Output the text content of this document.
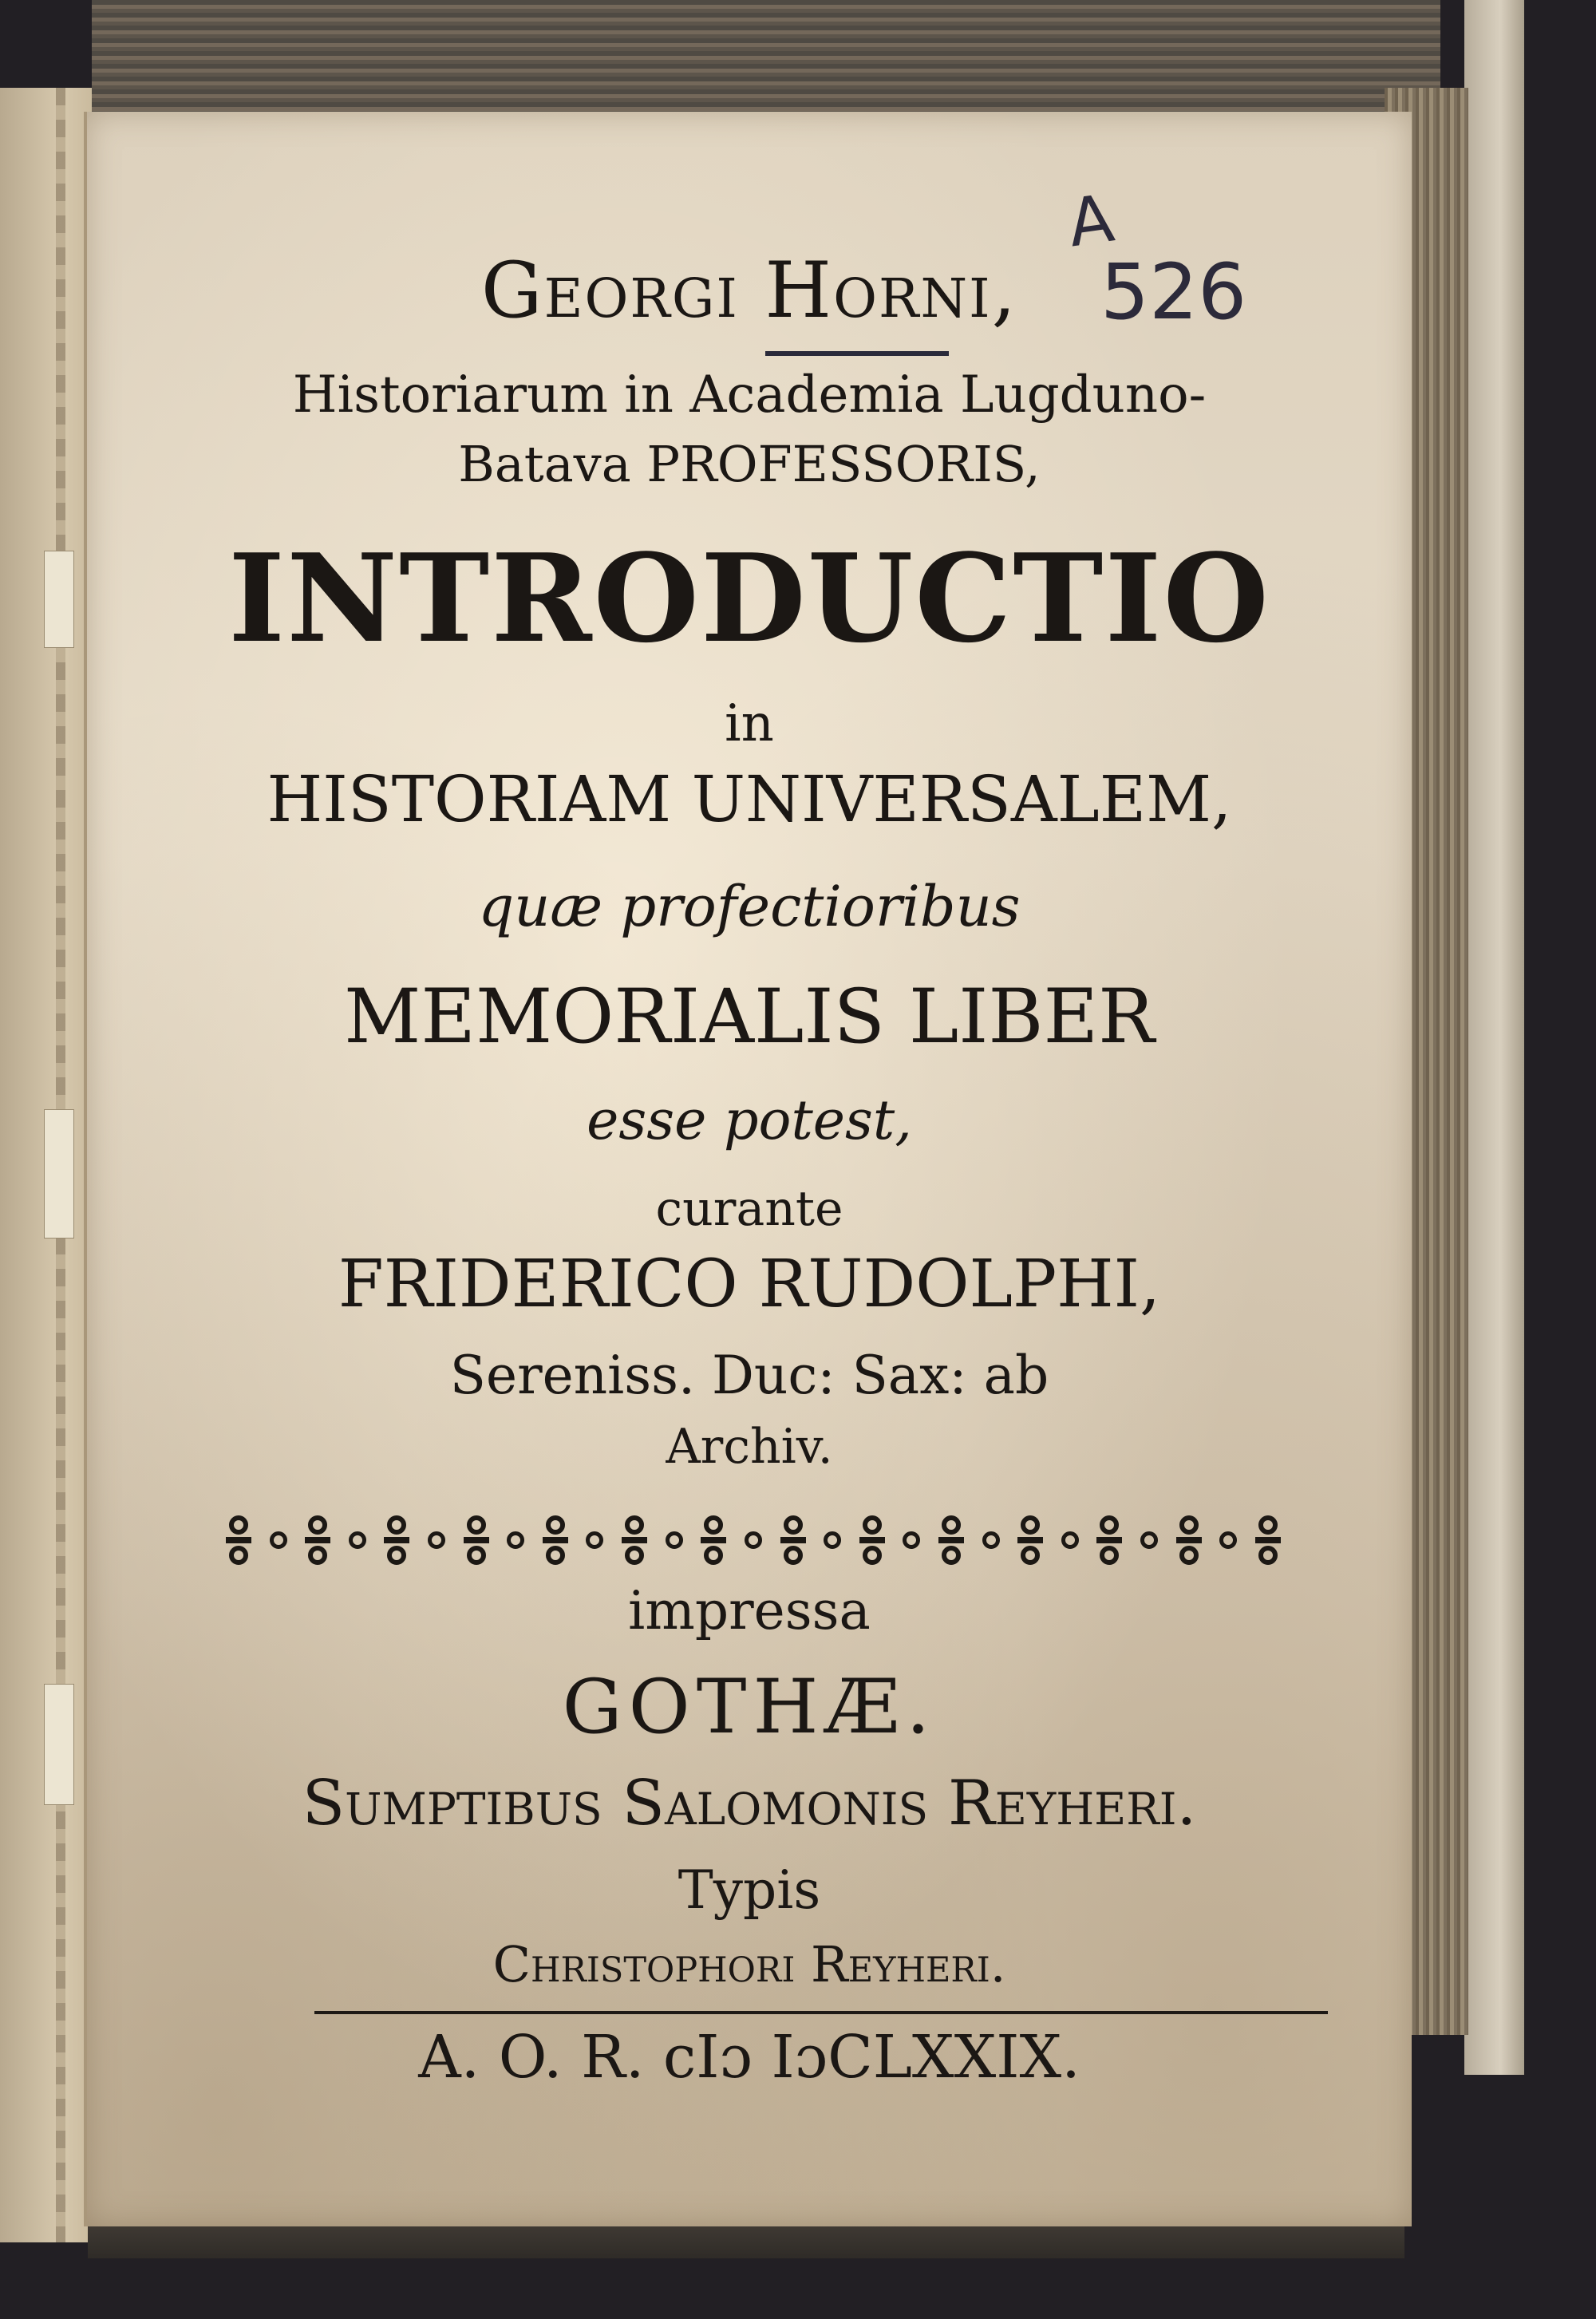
A
526

Georgi Horni,

Historiarum in Academia Lugduno-

Batava PROFESSORIS,

INTRODUCTIO

in

HISTORIAM UNIVERSALEM,

quæ profectioribus

MEMORIALIS LIBER

esse potest,

curante

FRIDERICO RUDOLPHI,

Sereniss. Duc: Sax: ab

Archiv.

impressa

GOTHÆ.

Sumptibus Salomonis Reyheri.

Typis

Christophori Reyheri.

A. O. R. cIɔ IɔCLXXIX.
